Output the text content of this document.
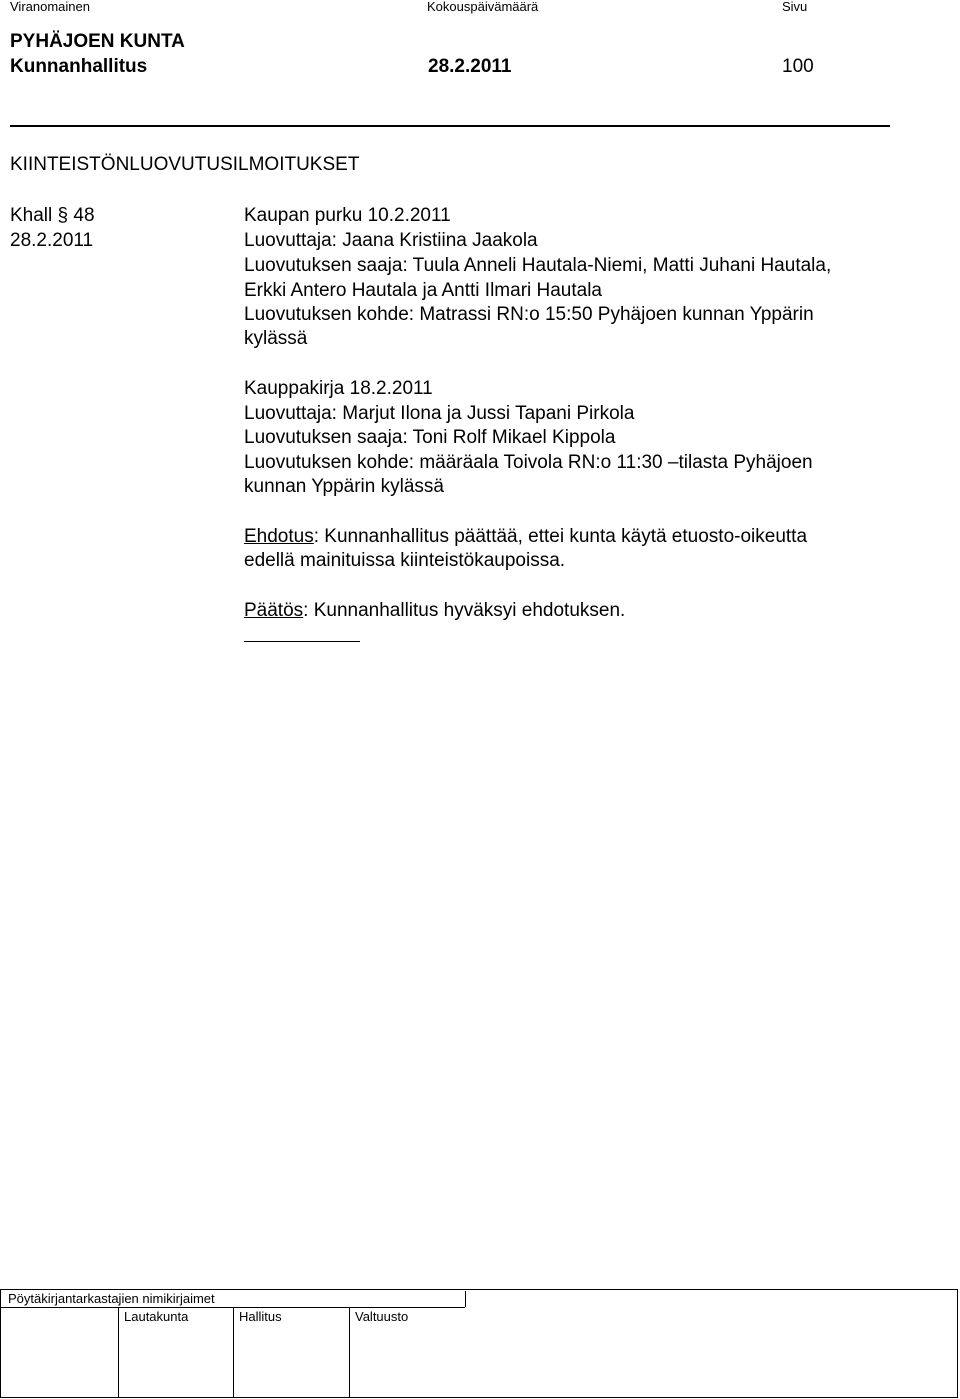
Viranomainen	Kokouspäivämäärä	Sivu
PYHÄJOEN KUNTA
Kunnanhallitus	28.2.2011	100
KIINTEISTÖNLUOVUTUSILMOITUKSET
Khall § 48
28.2.2011
Kaupan purku 10.2.2011
Luovuttaja: Jaana Kristiina Jaakola
Luovutuksen saaja: Tuula Anneli Hautala-Niemi, Matti Juhani Hautala,
Erkki Antero Hautala ja Antti Ilmari Hautala
Luovutuksen kohde: Matrassi RN:o 15:50 Pyhäjoen kunnan Yppärin
kylässä
Kauppakirja 18.2.2011
Luovuttaja: Marjut Ilona ja Jussi Tapani Pirkola
Luovutuksen saaja: Toni Rolf Mikael Kippola
Luovutuksen kohde: määräala Toivola RN:o 11:30 –tilasta Pyhäjoen
kunnan Yppärin kylässä
Ehdotus: Kunnanhallitus päättää, ettei kunta käytä etuosto-oikeutta
edellä mainituissa kiinteistökaupoissa.
Päätös: Kunnanhallitus hyväksyi ehdotuksen.
Pöytäkirjantarkastajien nimikirjaimet
Lautakunta	Hallitus	Valtuusto
